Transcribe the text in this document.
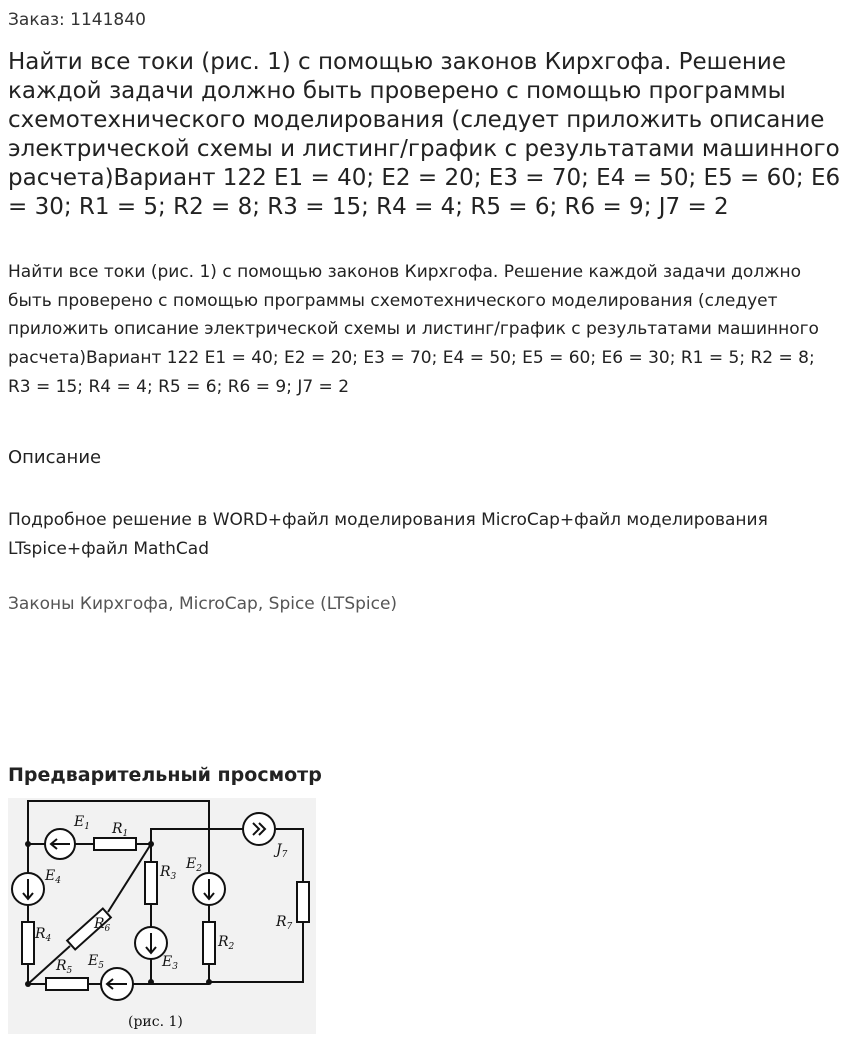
Заказ: 1141840
Найти все токи (рис. 1) с помощью законов Кирхгофа. Решение каждой задачи должно быть проверено с помощью программы схемотехнического моделирования (следует приложить описание электрической схемы и листинг/график с результатами машинного расчета)Вариант 122 E1 = 40; E2 = 20; E3 = 70; E4 = 50; E5 = 60; E6 = 30; R1 = 5; R2 = 8; R3 = 15; R4 = 4; R5 = 6; R6 = 9; J7 = 2

Найти все токи (рис. 1) с помощью законов Кирхгофа. Решение каждой задачи должно быть проверено с помощью программы схемотехнического моделирования (следует приложить описание электрической схемы и листинг/график с результатами машинного расчета)Вариант 122 E1 = 40; E2 = 20; E3 = 70; E4 = 50; E5 = 60; E6 = 30; R1 = 5; R2 = 8; R3 = 15; R4 = 4; R5 = 6; R6 = 9; J7 = 2

Описание

Подробное решение в WORD+файл моделирования MicroCap+файл моделирования LTspice+файл MathCad

Законы Кирхгофа, MicroCap, Spice (LTSpice)
Предварительный просмотр
$E_1$ $R_1$
$E_2$
$J_7$
$E_4$
$R_3$
$R_6$	$R_7$
$R_4$	$R_2$
$E_3$
$R_5$
$E_5$
(рис. 1)
